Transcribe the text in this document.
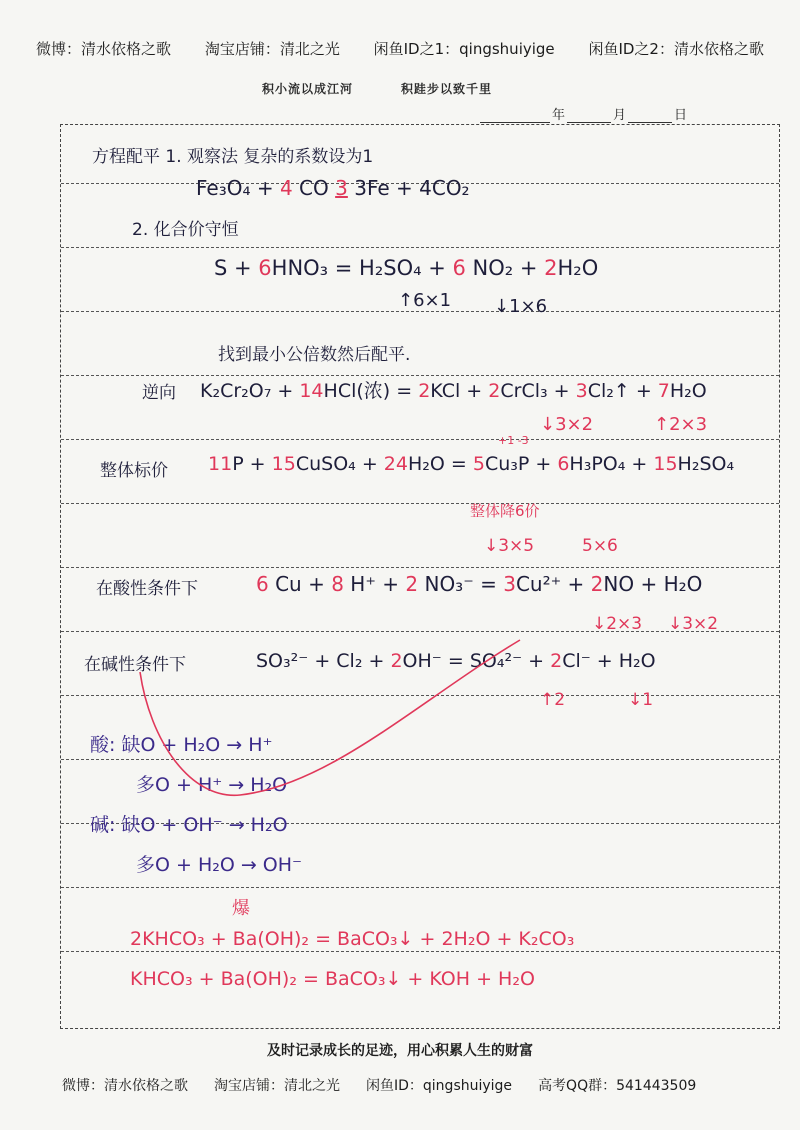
微博：清水依格之歌 淘宝店铺：清北之光 闲鱼ID之1：qingshuiyige 闲鱼ID之2：清水依格之歌
积小流以成江河	积跬步以致千里
年	月	日
方程配平 1. 观察法 复杂的系数设为1
Fe₃O₄ + 4 CO 3 3Fe + 4CO₂
2. 化合价守恒
S + 6HNO₃ = H₂SO₄ + 6 NO₂ + 2H₂O
↑6×1 ↓1×6
找到最小公倍数然后配平.
逆向 K₂Cr₂O₇ + 14HCl(浓) = 2KCl + 2CrCl₃ + 3Cl₂↑ + 7H₂O
↓3×2	↑2×3
整体标价
+1 -3
11P + 15CuSO₄ + 24H₂O = 5Cu₃P + 6H₃PO₄ + 15H₂SO₄
整体降6价
↓3×5	5×6
在酸性条件下	6 Cu + 8 H⁺ + 2 NO₃⁻ = 3Cu²⁺ + 2NO + H₂O
↓2×3 ↓3×2
在碱性条件下	SO₃²⁻ + Cl₂ + 2OH⁻ = SO₄²⁻ + 2Cl⁻ + H₂O
↑2	↓1
酸: 缺O + H₂O → H⁺
多O + H⁺ → H₂O
碱: 缺O + OH⁻ → H₂O
多O + H₂O → OH⁻
爆
2KHCO₃ + Ba(OH)₂ = BaCO₃↓ + 2H₂O + K₂CO₃
KHCO₃ + Ba(OH)₂ = BaCO₃↓ + KOH + H₂O
及时记录成长的足迹，用心积累人生的财富
微博：清水依格之歌 淘宝店铺：清北之光 闲鱼ID：qingshuiyige 高考QQ群：541443509
